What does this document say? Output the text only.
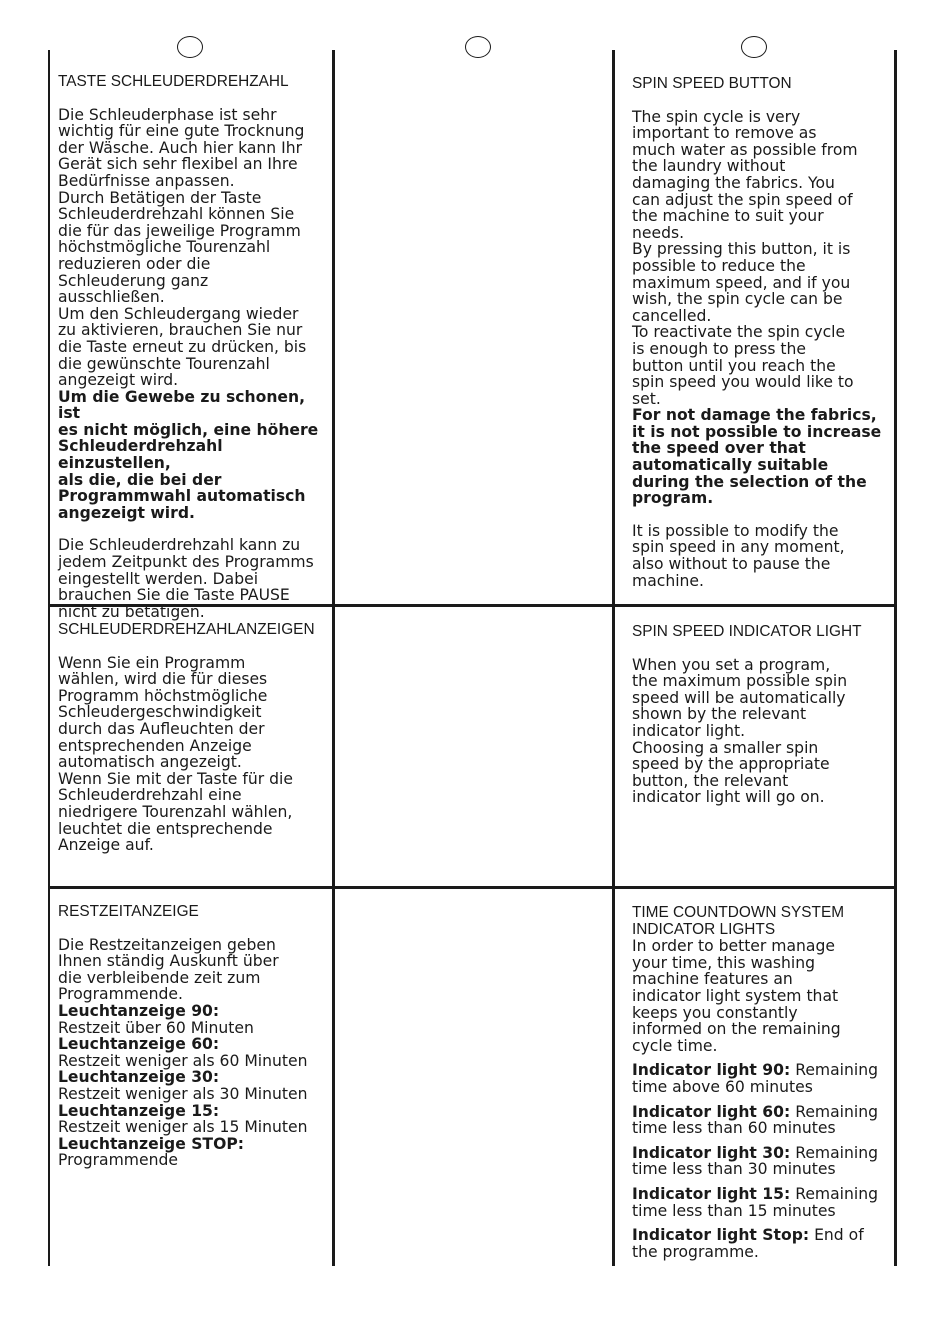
TASTE SCHLEUDERDREHZAHL

Die Schleuderphase ist sehr

wichtig für eine gute Trocknung

der Wäsche. Auch hier kann Ihr

Gerät sich sehr flexibel an Ihre

Bedürfnisse anpassen.

Durch Betätigen der Taste

Schleuderdrehzahl können Sie

die für das jeweilige Programm

höchstmögliche Tourenzahl

reduzieren oder die

Schleuderung ganz

ausschließen.

Um den Schleudergang wieder

zu aktivieren, brauchen Sie nur

die Taste erneut zu drücken, bis

die gewünschte Tourenzahl

angezeigt wird.

Um die Gewebe zu schonen, ist

es nicht möglich, eine höhere

Schleuderdrehzahl einzustellen,

als die, die bei der

Programmwahl automatisch

angezeigt wird.

Die Schleuderdrehzahl kann zu

jedem Zeitpunkt des Programms

eingestellt werden. Dabei

brauchen Sie die Taste PAUSE

nicht zu betätigen.

SPIN SPEED BUTTON

The spin cycle is very

important to remove as

much water as possible from

the laundry without

damaging the fabrics. You

can adjust the spin speed of

the machine to suit your

needs.

By pressing this button, it is

possible to reduce the

maximum speed, and if you

wish, the spin cycle can be

cancelled.

To reactivate the spin cycle

is enough to press the

button until you reach the

spin speed you would like to

set.

For not damage the fabrics,

it is not possible to increase

the speed over that

automatically suitable

during the selection of the

program.

It is possible to modify the

spin speed in any moment,

also without to pause the

machine.

SCHLEUDERDREHZAHLANZEIGEN

Wenn Sie ein Programm

wählen, wird die für dieses

Programm höchstmögliche

Schleudergeschwindigkeit

durch das Aufleuchten der

entsprechenden Anzeige

automatisch angezeigt.

Wenn Sie mit der Taste für die

Schleuderdrehzahl eine

niedrigere Tourenzahl wählen,

leuchtet die entsprechende

Anzeige auf.

SPIN SPEED INDICATOR LIGHT

When you set a program,

the maximum possible spin

speed will be automatically

shown by the relevant

indicator light.

Choosing a smaller spin

speed by the appropriate

button, the relevant

indicator light will go on.

RESTZEITANZEIGE

Die Restzeitanzeigen geben

Ihnen ständig Auskunft über

die verbleibende zeit zum

Programmende.

Leuchtanzeige 90:

Restzeit über 60 Minuten

Leuchtanzeige 60:

Restzeit weniger als 60 Minuten

Leuchtanzeige 30:

Restzeit weniger als 30 Minuten

Leuchtanzeige 15:

Restzeit weniger als 15 Minuten

Leuchtanzeige STOP:

Programmende

TIME COUNTDOWN SYSTEM

INDICATOR LIGHTS

In order to better manage

your time, this washing

machine features an

indicator light system that

keeps you constantly

informed on the remaining

cycle time.

Indicator light 90: Remaining

time above 60 minutes

Indicator light 60: Remaining

time less than 60 minutes

Indicator light 30: Remaining

time less than 30 minutes

Indicator light 15: Remaining

time less than 15 minutes

Indicator light Stop: End of

the programme.
